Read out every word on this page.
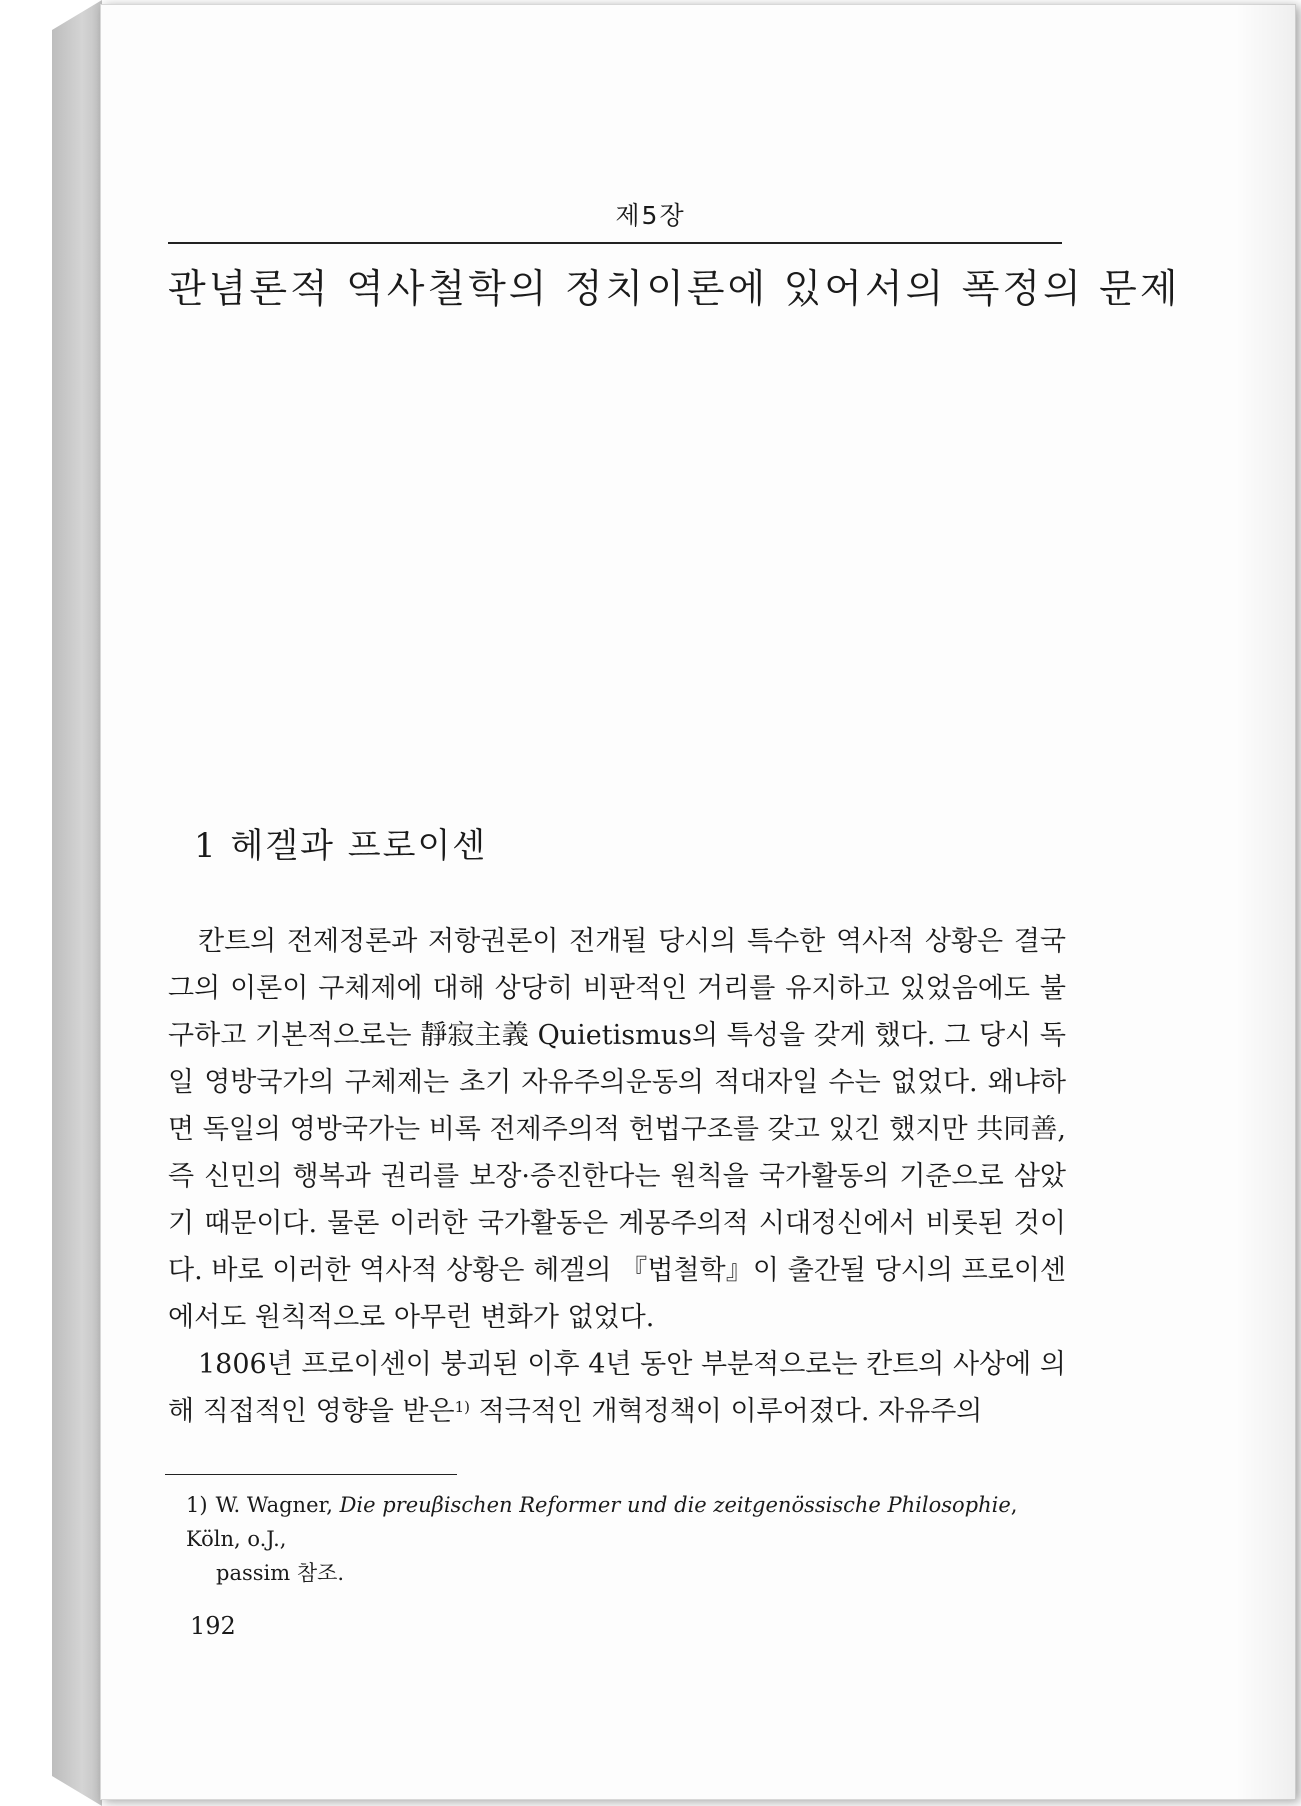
제5장
관념론적 역사철학의 정치이론에 있어서의 폭정의 문제
1 헤겔과 프로이센

칸트의 전제정론과 저항권론이 전개될 당시의 특수한 역사적 상황은 결국 그의 이론이 구체제에 대해 상당히 비판적인 거리를 유지하고 있었음에도 불구하고 기본적으로는 靜寂主義 Quietismus의 특성을 갖게 했다. 그 당시 독일 영방국가의 구체제는 초기 자유주의운동의 적대자일 수는 없었다. 왜냐하면 독일의 영방국가는 비록 전제주의적 헌법구조를 갖고 있긴 했지만 共同善, 즉 신민의 행복과 권리를 보장·증진한다는 원칙을 국가활동의 기준으로 삼았기 때문이다. 물론 이러한 국가활동은 계몽주의적 시대정신에서 비롯된 것이다. 바로 이러한 역사적 상황은 헤겔의 『법철학』이 출간될 당시의 프로이센에서도 원칙적으로 아무런 변화가 없었다.

1806년 프로이센이 붕괴된 이후 4년 동안 부분적으로는 칸트의 사상에 의해 직접적인 영향을 받은$^{1)}$ 적극적인 개혁정책이 이루어졌다. 자유주의

1) W. Wagner, Die preuβischen Reformer und die zeitgenössische Philosophie, Köln, o.J.,
passim 참조.
192
